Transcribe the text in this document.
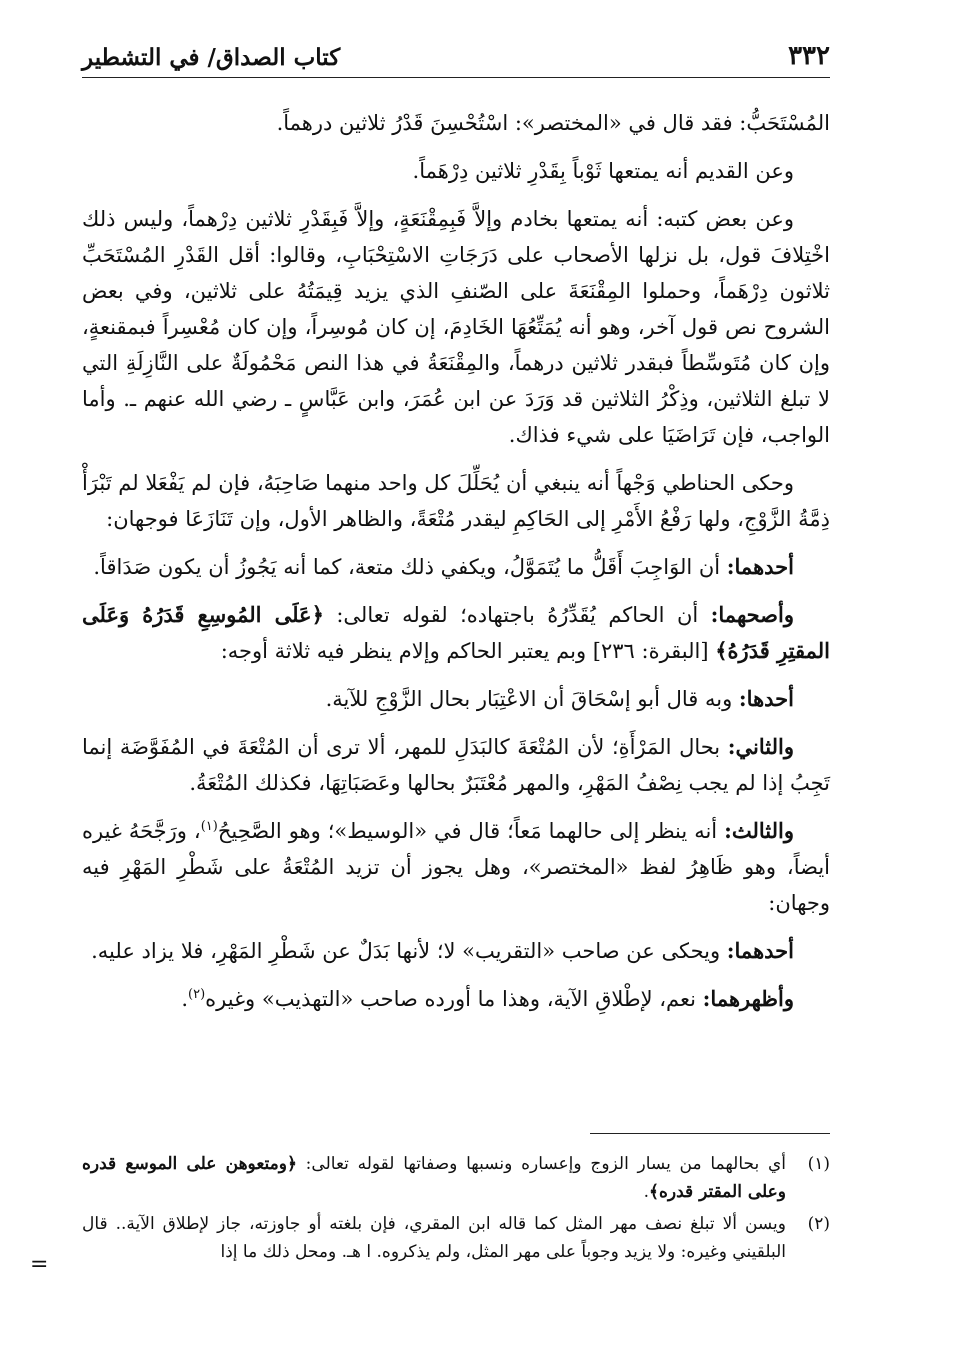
٣٣٢
كتاب الصداق/ في التشطير

المُسْتَحَبُّ: فقد قال في «المختصر»: اسْتُحْسِنَ قَدْرُ ثلاثين درهماً.

وعن القديم أنه يمتعها ثَوْباً بِقَدْرِ ثلاثين دِرْهَماً.

وعن بعض كتبه: أنه يمتعها بخادم وإلاَّ فَبِمِقْنَعَةٍ، وإلاَّ فَبِقَدْرِ ثلاثين دِرْهماً، وليس ذلك اخْتِلافَ قول، بل نزلها الأصحاب على دَرَجَاتِ الاسْتِحْبَابِ، وقالوا: أقل القَدْرِ المُسْتَحَبِّ ثلاثون دِرْهَماً، وحملوا المِقْنَعَةَ على الصّنفِ الذي يزيد قِيمَتُهُ على ثلاثين، وفي بعض الشروح نص قول آخر، وهو أنه يُمَتِّعُهَا الخَادِمَ، إن كان مُوسِراً، وإن كان مُعْسِراً فبمقنعةٍ، وإن كان مُتَوسِّطاً فبقدر ثلاثين درهماً، والمِقْنَعَةُ في هذا النص مَحْمُولَةٌ على النَّازِلَةِ التي لا تبلغ الثلاثين، وذِكْرُ الثلاثين قد وَرَدَ عن ابن عُمَرَ، وابن عَبَّاسٍ ـ رضي الله عنهم ـ. وأما الواجب، فإن تَرَاضَيَا على شيء فذاك.

وحكى الحناطي وَجْهاً أنه ينبغي أن يُحَلِّلَ كل واحد منهما صَاحِبَهُ، فإن لم يَفْعَلا لم تَبْرَأْ ذِمَّةُ الزَّوْجِ، ولها رَفْعُ الأَمْرِ إلى الحَاكِمِ ليقدر مُتْعَةً، والظاهر الأول، وإن تَنَازَعَا فوجهان:

أحدهما: أن الوَاجِبَ أَقَلُّ ما يُتَمَوَّلُ، ويكفي ذلك متعة، كما أنه يَجُوزُ أن يكون صَدَاقاً.

وأصحهما: أن الحاكم يُقَدِّرُهُ باجتهاده؛ لقوله تعالى: ﴿عَلَى المُوسِعِ قَدَرُهُ وَعَلَى المقتِرِ قَدَرُهُ﴾ [البقرة: ٢٣٦] وبم يعتبر الحاكم وإلام ينظر فيه ثلاثة أوجه:

أحدها: وبه قال أبو إسْحَاقَ أن الاعْتِبَار بحال الزَّوْجِ للآية.

والثاني: بحال المَرْأَةِ؛ لأن المُتْعَةَ كالبَدَلِ للمهر، ألا ترى أن المُتْعَةَ في المُفَوَّضَة إنما تَجِبُ إذا لم يجب نِصْفُ المَهْرِ، والمهر مُعْتَبَرٌ بحالها وعَصَبَاتِهَا، فكذلك المُتْعَةُ.

والثالث: أنه ينظر إلى حالهما مَعاً؛ قال في «الوسيط»؛ وهو الصَّحِيحُ$^{(١)}$، ورَجَّحَهُ غيره أيضاً، وهو ظَاهِرُ لفظ «المختصر»، وهل يجوز أن تزيد المُتْعَةُ على شَطْرِ المَهْرِ فيه وجهان:

أحدهما: ويحكى عن صاحب «التقريب» لا؛ لأنها بَدَلٌ عن شَطْرِ المَهْرِ، فلا يزاد عليه.

وأظهرهما: نعم، لإطْلاقِ الآية، وهذا ما أورده صاحب «التهذيب» وغيره$^{(٢)}$.

(١)
أي بحالهما من يسار الزوج وإعساره ونسبها وصفاتها لقوله تعالى: ﴿ومتعوهن على الموسع قدره وعلى المقتر قدره﴾.
(٢)
ويسن ألا تبلغ نصف مهر المثل كما قاله ابن المقري، فإن بلغته أو جاوزته، جاز لإطلاق الآية.. قال البلقيني وغيره: ولا يزيد وجوباً على مهر المثل، ولم يذكروه. ا هـ. ومحل ذلك ما إذا
=
